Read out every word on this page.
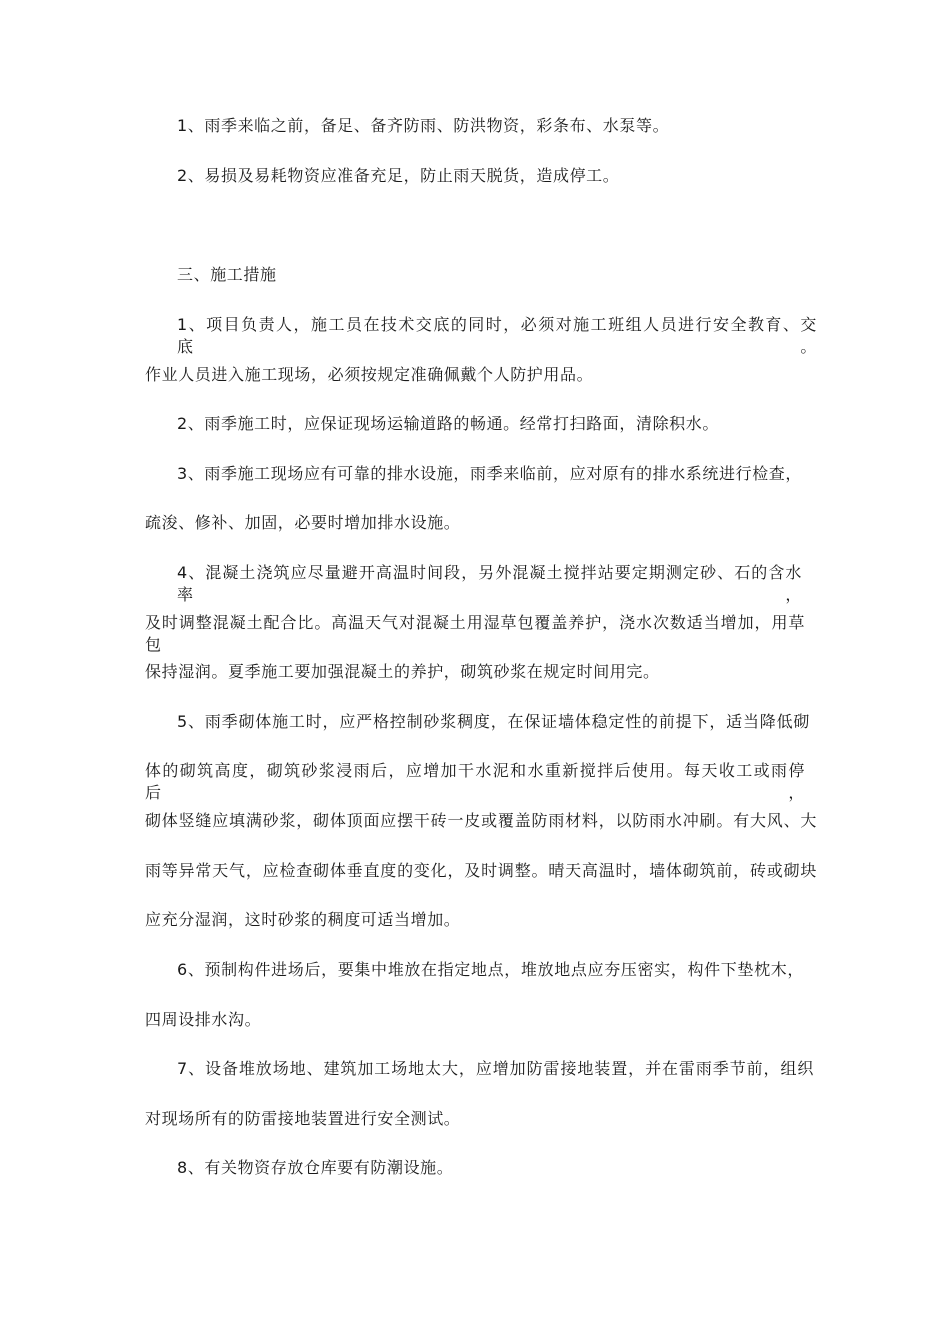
1、雨季来临之前，备足、备齐防雨、防洪物资，彩条布、水泵等。
2、易损及易耗物资应准备充足，防止雨天脱货，造成停工。
三、施工措施
1、项目负责人，施工员在技术交底的同时，必须对施工班组人员进行安全教育、交底。
作业人员进入施工现场，必须按规定准确佩戴个人防护用品。
2、雨季施工时，应保证现场运输道路的畅通。经常打扫路面，清除积水。
3、雨季施工现场应有可靠的排水设施，雨季来临前，应对原有的排水系统进行检查，
疏浚、修补、加固，必要时增加排水设施。
4、混凝土浇筑应尽量避开高温时间段，另外混凝土搅拌站要定期测定砂、石的含水率，
及时调整混凝土配合比。高温天气对混凝土用湿草包覆盖养护，浇水次数适当增加，用草包
保持湿润。夏季施工要加强混凝土的养护，砌筑砂浆在规定时间用完。
5、雨季砌体施工时，应严格控制砂浆稠度，在保证墙体稳定性的前提下，适当降低砌
体的砌筑高度，砌筑砂浆浸雨后，应增加干水泥和水重新搅拌后使用。每天收工或雨停后，
砌体竖缝应填满砂浆，砌体顶面应摆干砖一皮或覆盖防雨材料，以防雨水冲刷。有大风、大
雨等异常天气，应检查砌体垂直度的变化，及时调整。晴天高温时，墙体砌筑前，砖或砌块
应充分湿润，这时砂浆的稠度可适当增加。
6、预制构件进场后，要集中堆放在指定地点，堆放地点应夯压密实，构件下垫枕木，
四周设排水沟。
7、设备堆放场地、建筑加工场地太大，应增加防雷接地装置，并在雷雨季节前，组织
对现场所有的防雷接地装置进行安全测试。
8、有关物资存放仓库要有防潮设施。
